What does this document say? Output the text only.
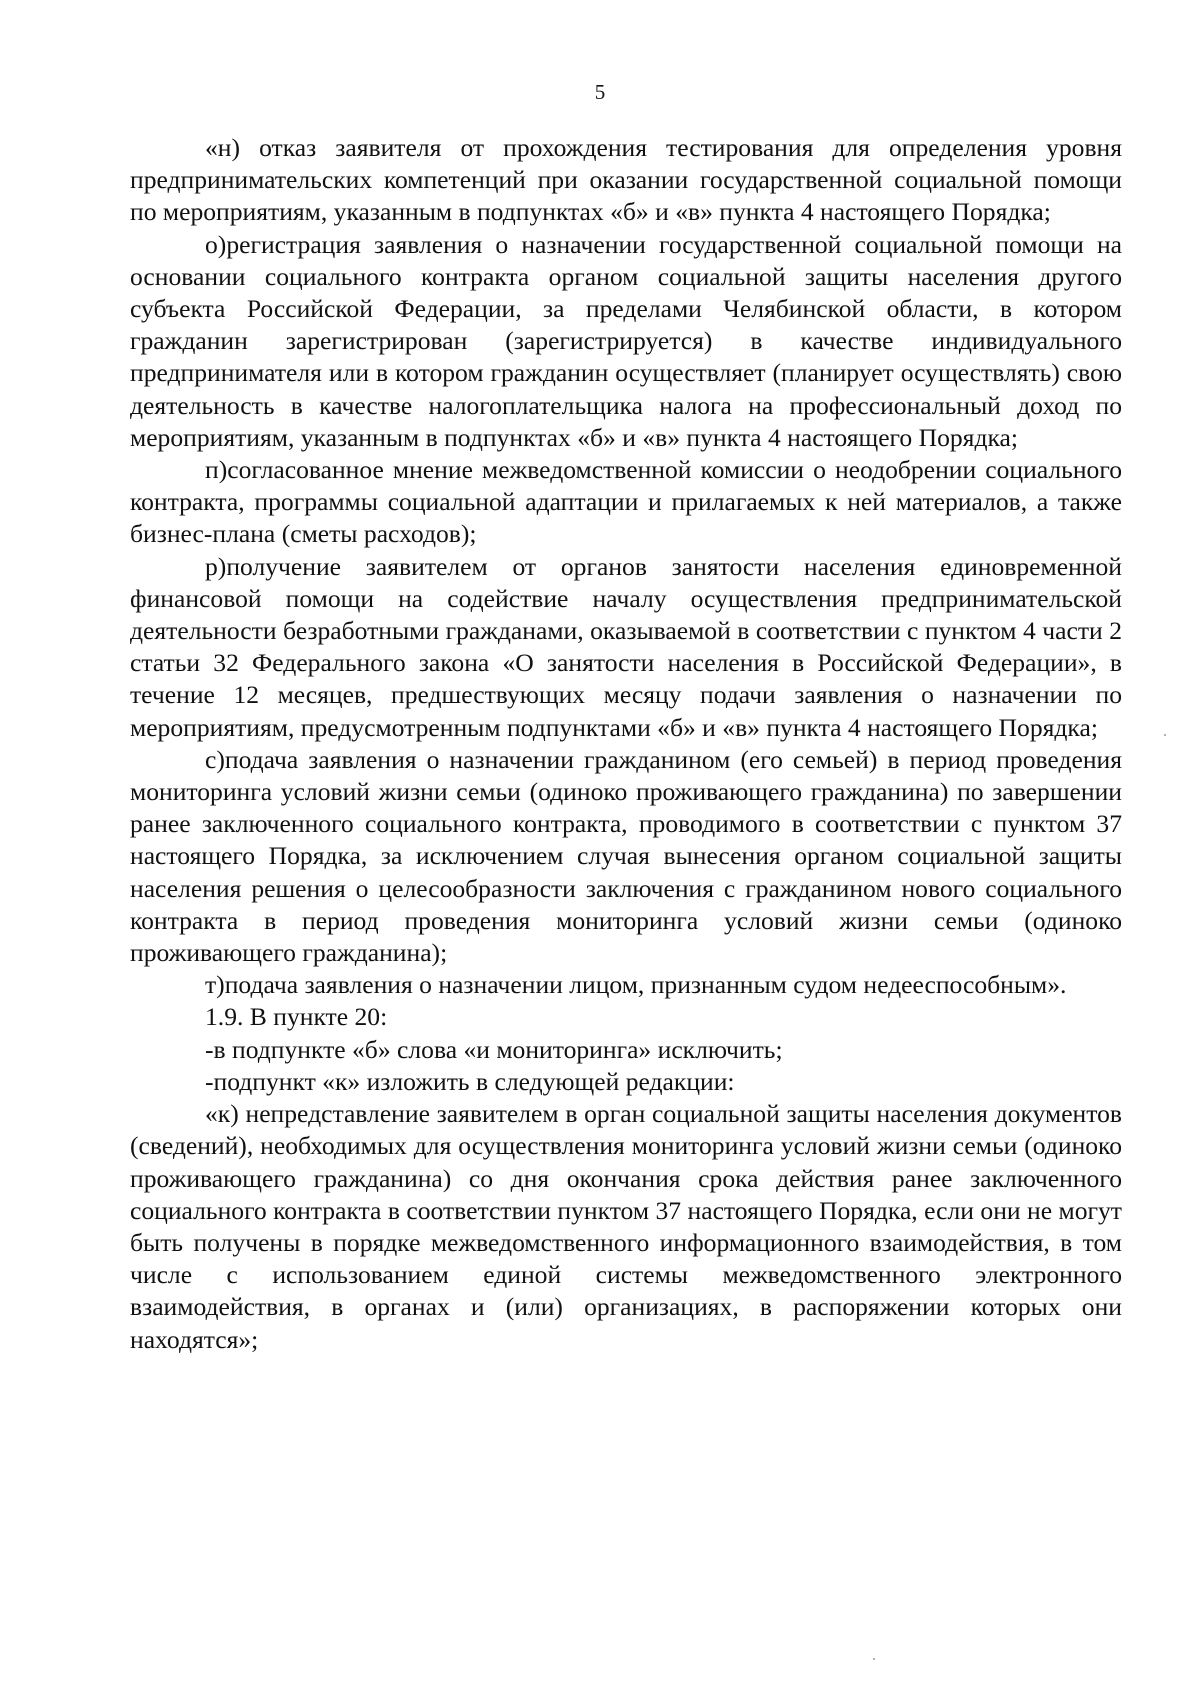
5

«н) отказ заявителя от прохождения тестирования для определения уровня предпринимательских компетенций при оказании государственной социальной помощи по мероприятиям, указанным в подпунктах «б» и «в» пункта 4 настоящего Порядка;

о)регистрация заявления о назначении государственной социальной помощи на основании социального контракта органом социальной защиты населения другого субъекта Российской Федерации, за пределами Челябинской области, в котором гражданин зарегистрирован (зарегистрируется) в качестве индивидуального предпринимателя или в котором гражданин осуществляет (планирует осуществлять) свою деятельность в качестве налогоплательщика налога на профессиональный доход по мероприятиям, указанным в подпунктах «б» и «в» пункта 4 настоящего Порядка;

п)согласованное мнение межведомственной комиссии о неодобрении социального контракта, программы социальной адаптации и прилагаемых к ней материалов, а также бизнес-плана (сметы расходов);

р)получение заявителем от органов занятости населения единовременной финансовой помощи на содействие началу осуществления предпринимательской деятельности безработными гражданами, оказываемой в соответствии с пунктом 4 части 2 статьи 32 Федерального закона «О занятости населения в Российской Федерации», в течение 12 месяцев, предшествующих месяцу подачи заявления о назначении по мероприятиям, предусмотренным подпунктами «б» и «в» пункта 4 настоящего Порядка;

с)подача заявления о назначении гражданином (его семьей) в период проведения мониторинга условий жизни семьи (одиноко проживающего гражданина) по завершении ранее заключенного социального контракта, проводимого в соответствии с пунктом 37 настоящего Порядка, за исключением случая вынесения органом социальной защиты населения решения о целесообразности заключения с гражданином нового социального контракта в период проведения мониторинга условий жизни семьи (одиноко проживающего гражданина);

т)подача заявления о назначении лицом, признанным судом недееспособным».

1.9. В пункте 20:

-в подпункте «б» слова «и мониторинга» исключить;

-подпункт «к» изложить в следующей редакции:

«к) непредставление заявителем в орган социальной защиты населения документов (сведений), необходимых для осуществления мониторинга условий жизни семьи (одиноко проживающего гражданина) со дня окончания срока действия ранее заключенного социального контракта в соответствии пунктом 37 настоящего Порядка, если они не могут быть получены в порядке межведомственного информационного взаимодействия, в том числе с использованием единой системы межведомственного электронного взаимодействия, в органах и (или) организациях, в распоряжении которых они находятся»;
